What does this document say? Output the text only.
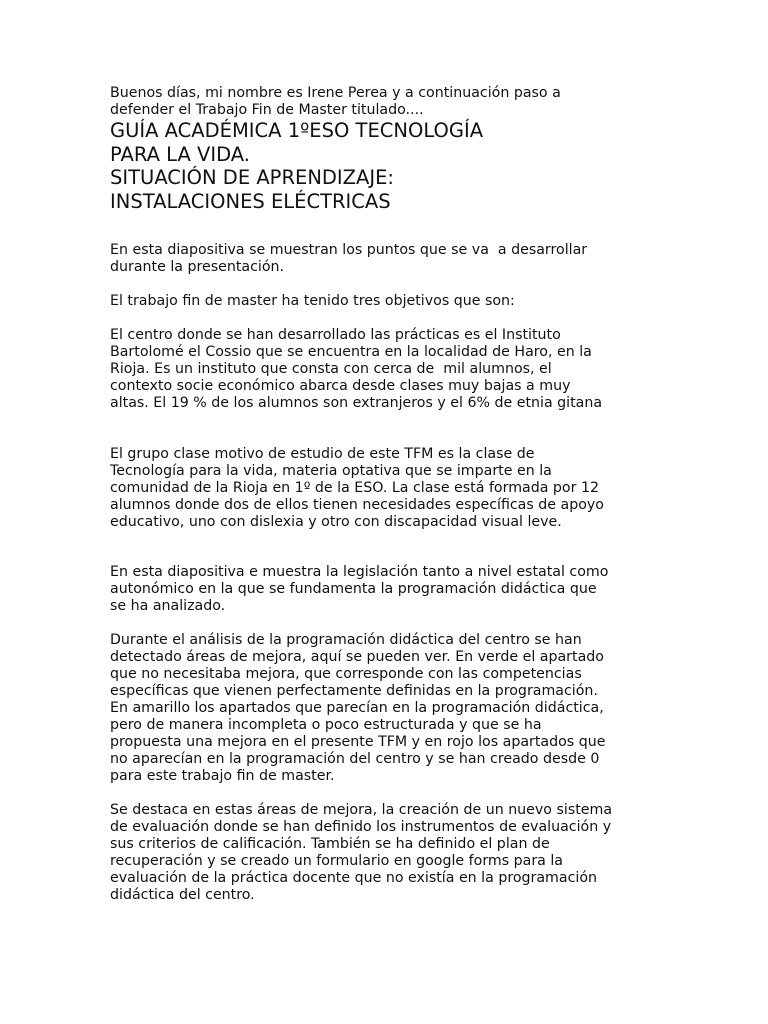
Buenos días, mi nombre es Irene Perea y a continuación paso a
defender el Trabajo Fin de Master titulado....

GUÍA ACADÉMICA 1ºESO TECNOLOGÍA
PARA LA VIDA.
SITUACIÓN DE APRENDIZAJE:
INSTALACIONES ELÉCTRICAS

En esta diapositiva se muestran los puntos que se va  a desarrollar
durante la presentación.

El trabajo fin de master ha tenido tres objetivos que son:

El centro donde se han desarrollado las prácticas es el Instituto
Bartolomé el Cossio que se encuentra en la localidad de Haro, en la
Rioja. Es un instituto que consta con cerca de  mil alumnos, el
contexto socie económico abarca desde clases muy bajas a muy
altas. El 19 % de los alumnos son extranjeros y el 6% de etnia gitana

El grupo clase motivo de estudio de este TFM es la clase de
Tecnología para la vida, materia optativa que se imparte en la
comunidad de la Rioja en 1º de la ESO. La clase está formada por 12
alumnos donde dos de ellos tienen necesidades específicas de apoyo
educativo, uno con dislexia y otro con discapacidad visual leve.

En esta diapositiva e muestra la legislación tanto a nivel estatal como
autonómico en la que se fundamenta la programación didáctica que
se ha analizado.

Durante el análisis de la programación didáctica del centro se han
detectado áreas de mejora, aquí se pueden ver. En verde el apartado
que no necesitaba mejora, que corresponde con las competencias
específicas que vienen perfectamente definidas en la programación.
En amarillo los apartados que parecían en la programación didáctica,
pero de manera incompleta o poco estructurada y que se ha
propuesta una mejora en el presente TFM y en rojo los apartados que
no aparecían en la programación del centro y se han creado desde 0
para este trabajo fin de master.

Se destaca en estas áreas de mejora, la creación de un nuevo sistema
de evaluación donde se han definido los instrumentos de evaluación y
sus criterios de calificación. También se ha definido el plan de
recuperación y se creado un formulario en google forms para la
evaluación de la práctica docente que no existía en la programación
didáctica del centro.
